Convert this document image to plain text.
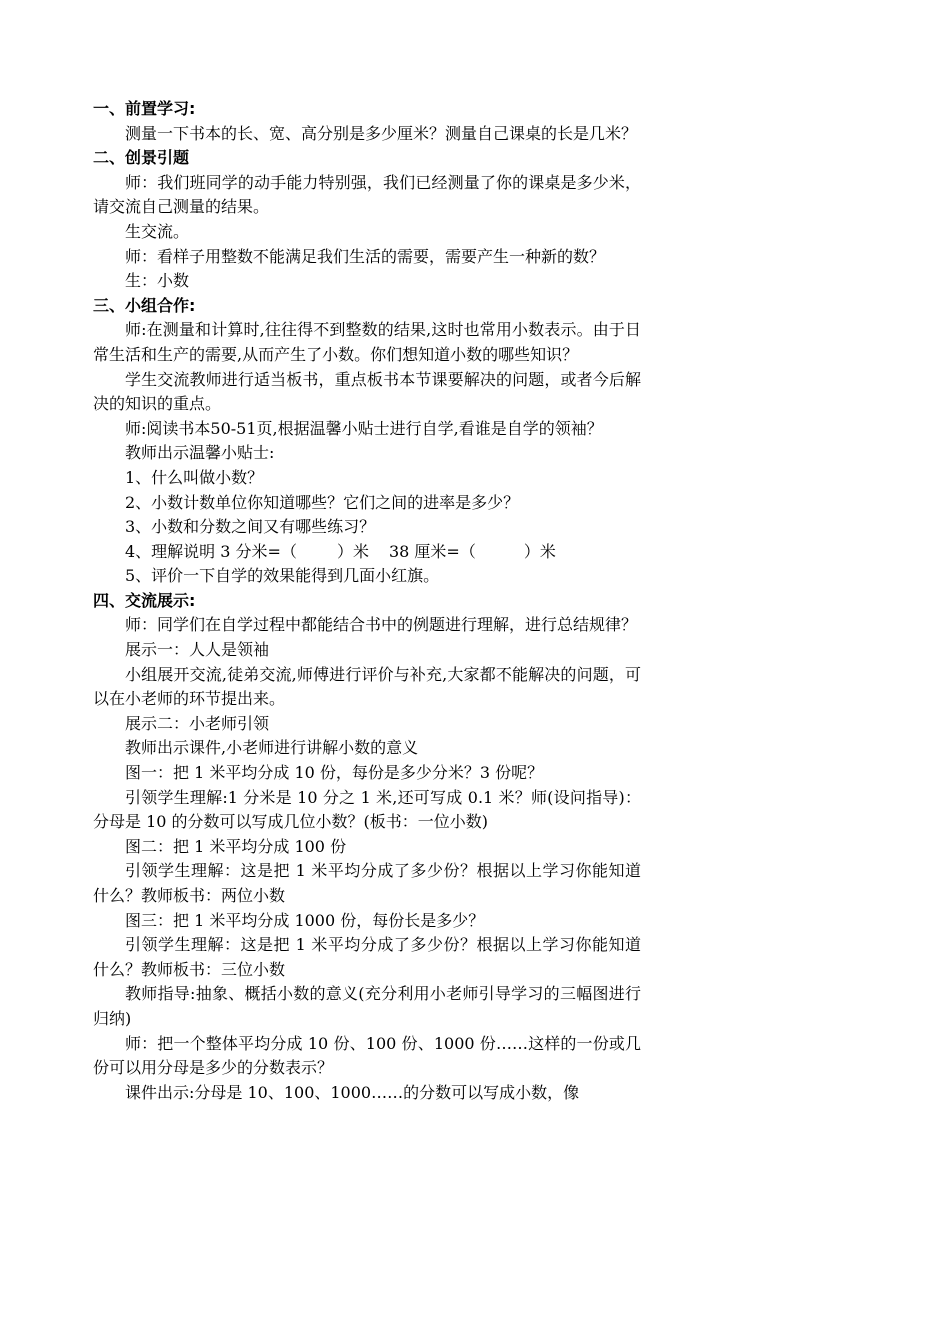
一、前置学习:

测量一下书本的长、宽、高分别是多少厘米？测量自己课桌的长是几米？

二、创景引题

师：我们班同学的动手能力特别强，我们已经测量了你的课桌是多少米，请交流自己测量的结果。

生交流。

师：看样子用整数不能满足我们生活的需要，需要产生一种新的数？

生：小数

三、小组合作:

师:在测量和计算时,往往得不到整数的结果,这时也常用小数表示。由于日常生活和生产的需要,从而产生了小数。你们想知道小数的哪些知识？

学生交流教师进行适当板书，重点板书本节课要解决的问题，或者今后解决的知识的重点。

师:阅读书本50-51页,根据温馨小贴士进行自学,看谁是自学的领袖？

教师出示温馨小贴士:

1、什么叫做小数？

2、小数计数单位你知道哪些？它们之间的进率是多少？

3、小数和分数之间又有哪些练习？

4、理解说明 3 分米=（	）米 38 厘米=（	）米

5、评价一下自学的效果能得到几面小红旗。

四、交流展示:

师：同学们在自学过程中都能结合书中的例题进行理解，进行总结规律？

展示一：人人是领袖

小组展开交流,徒弟交流,师傅进行评价与补充,大家都不能解决的问题，可以在小老师的环节提出来。

展示二：小老师引领

教师出示课件,小老师进行讲解小数的意义

图一：把 1 米平均分成 10 份，每份是多少分米？3 份呢？

引领学生理解:1 分米是 10 分之 1 米,还可写成 0.1 米？师(设问指导)：分母是 10 的分数可以写成几位小数？(板书：一位小数)

图二：把 1 米平均分成 100 份

引领学生理解：这是把 1 米平均分成了多少份？根据以上学习你能知道什么？教师板书：两位小数

图三：把 1 米平均分成 1000 份，每份长是多少？

引领学生理解：这是把 1 米平均分成了多少份？根据以上学习你能知道什么？教师板书：三位小数

教师指导:抽象、概括小数的意义(充分利用小老师引导学习的三幅图进行归纳)

师：把一个整体平均分成 10 份、100 份、1000 份……这样的一份或几份可以用分母是多少的分数表示？

课件出示:分母是 10、100、1000……的分数可以写成小数，像
